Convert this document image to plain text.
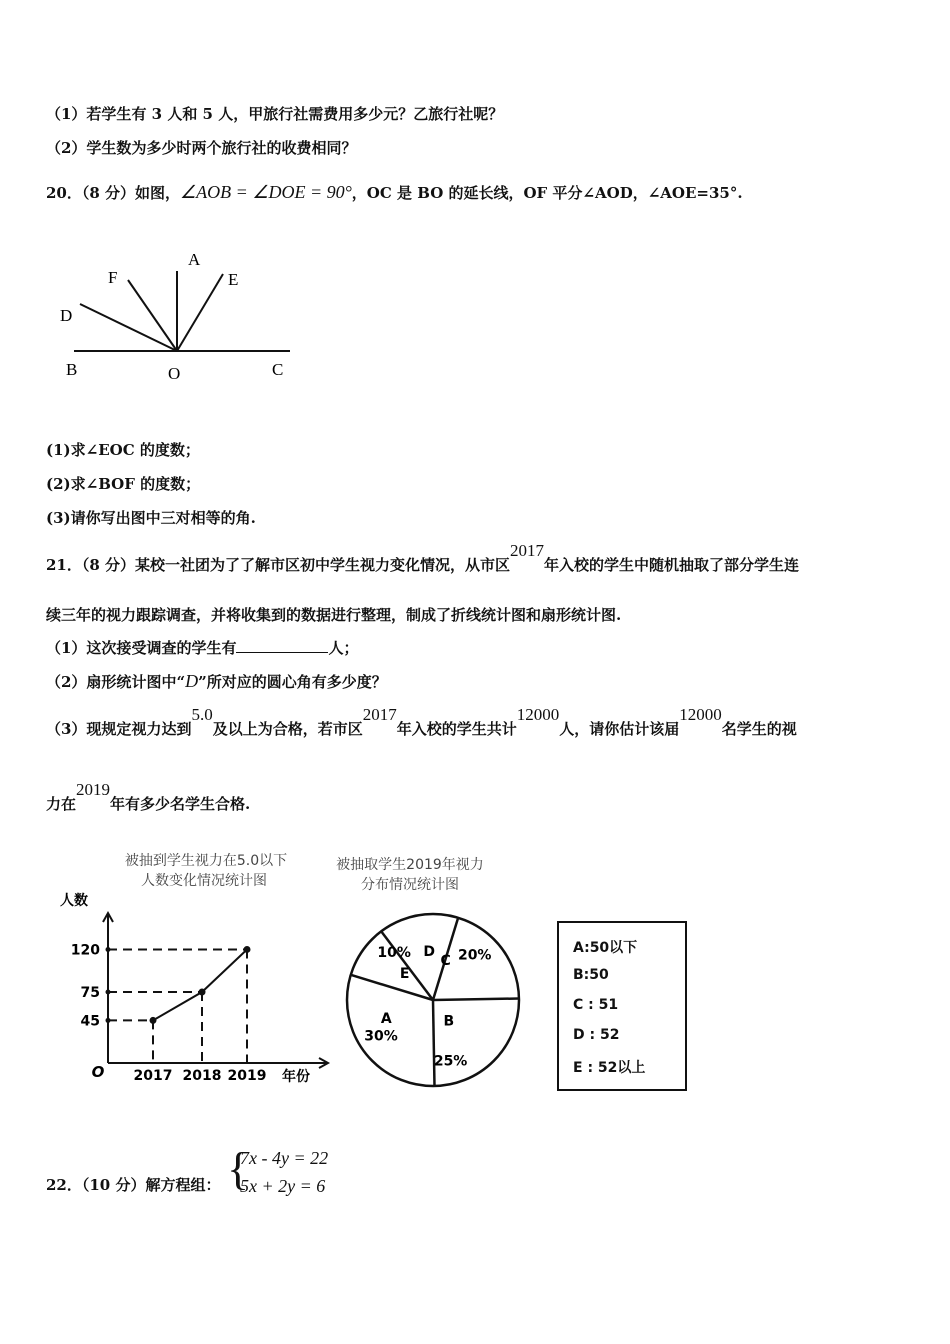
（1）若学生有 3 人和 5 人，甲旅行社需费用多少元？乙旅行社呢？
（2）学生数为多少时两个旅行社的收费相同？
20．（8 分）如图，∠AOB = ∠DOE = 90°，OC 是 BO 的延长线，OF 平分∠AOD，∠AOE=35°.
A
E
F
D
B	O	C
(1)求∠EOC 的度数；
(2)求∠BOF 的度数；
(3)请你写出图中三对相等的角.
21．（8 分）某校一社团为了了解市区初中学生视力变化情况，从市区2017年入校的学生中随机抽取了部分学生连
续三年的视力跟踪调查，并将收集到的数据进行整理，制成了折线统计图和扇形统计图.
（1）这次接受调查的学生有	人；
（2）扇形统计图中“D”所对应的圆心角有多少度？
（3）现规定视力达到5.0及以上为合格，若市区2017年入校的学生共计12000人，请你估计该届12000名学生的视
力在2019年有多少名学生合格.
被抽到学生视力在5.0以下
人数变化情况统计图
人数
年份
O
45
2017
75
2018
120
2019
被抽取学生2019年视力
分布情况统计图
C 20%
B
25%
A
30%
E
10% D	A:50以下
B:50
C : 51
D : 52
E : 52以上
22．（10 分）解方程组： {
7x - 4y = 22
5x + 2y = 6
